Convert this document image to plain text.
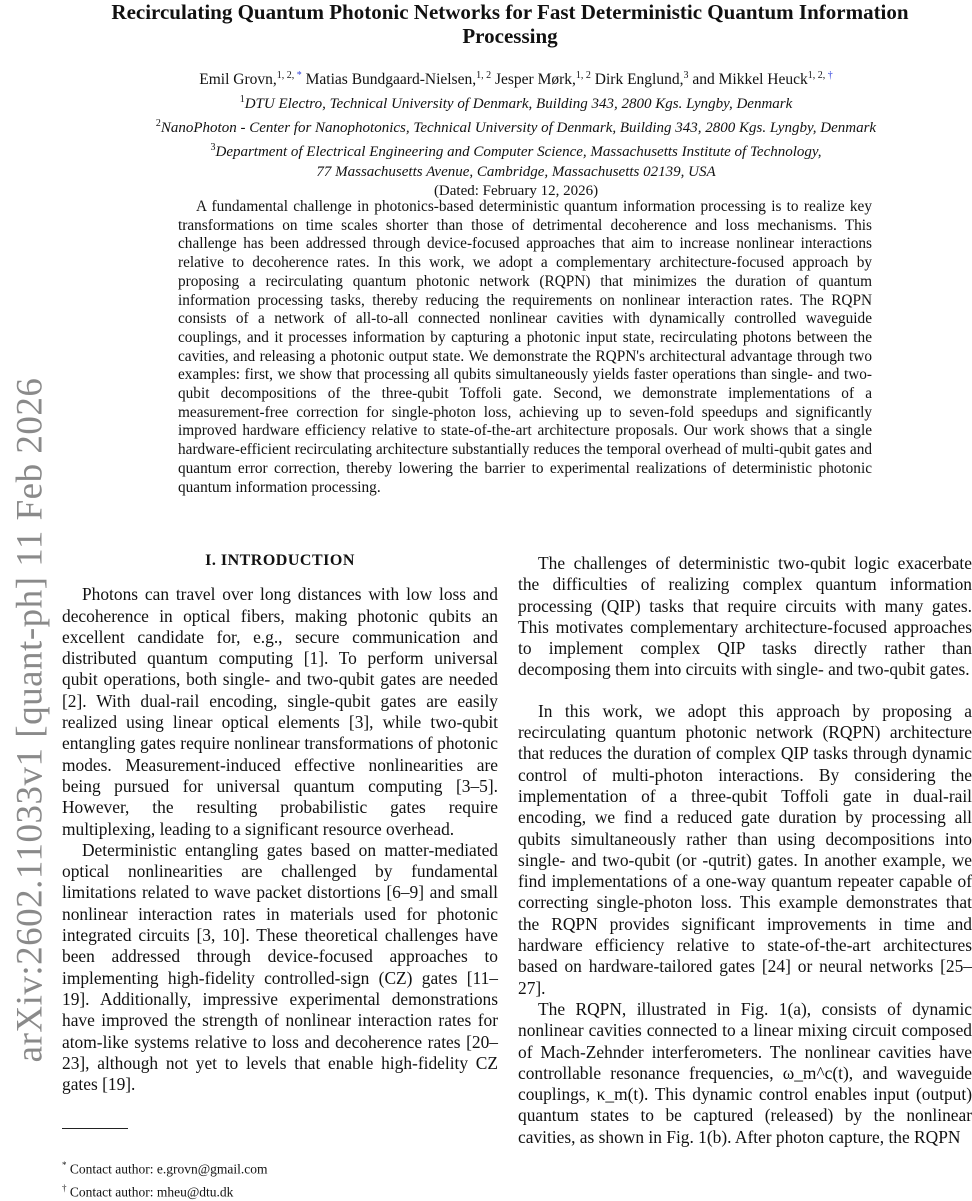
arXiv:2602.11033v1 [quant-ph] 11 Feb 2026
Recirculating Quantum Photonic Networks for Fast Deterministic Quantum Information Processing
Emil Grovn,$^{1, 2,}$ * Matias Bundgaard-Nielsen,$^{1, 2}$ Jesper Mørk,$^{1, 2}$ Dirk Englund,$^3$ and Mikkel Heuck$^{1, 2,}$ †
$^1$DTU Electro, Technical University of Denmark, Building 343, 2800 Kgs. Lyngby, Denmark
$^2$NanoPhoton - Center for Nanophotonics, Technical University of Denmark, Building 343, 2800 Kgs. Lyngby, Denmark
$^3$Department of Electrical Engineering and Computer Science, Massachusetts Institute of Technology,
77 Massachusetts Avenue, Cambridge, Massachusetts 02139, USA
(Dated: February 12, 2026)
A fundamental challenge in photonics-based deterministic quantum information processing is to realize key transformations on time scales shorter than those of detrimental decoherence and loss mechanisms. This challenge has been addressed through device-focused approaches that aim to increase nonlinear interactions relative to decoherence rates. In this work, we adopt a complementary architecture-focused approach by proposing a recirculating quantum photonic network (RQPN) that minimizes the duration of quantum information processing tasks, thereby reducing the requirements on nonlinear interaction rates. The RQPN consists of a network of all-to-all connected nonlinear cavities with dynamically controlled waveguide couplings, and it processes information by capturing a photonic input state, recirculating photons between the cavities, and releasing a photonic output state. We demonstrate the RQPN's architectural advantage through two examples: first, we show that processing all qubits simultaneously yields faster operations than single- and two-qubit decompositions of the three-qubit Toffoli gate. Second, we demonstrate implementations of a measurement-free correction for single-photon loss, achieving up to seven-fold speedups and significantly improved hardware efficiency relative to state-of-the-art architecture proposals. Our work shows that a single hardware-efficient recirculating architecture substantially reduces the temporal overhead of multi-qubit gates and quantum error correction, thereby lowering the barrier to experimental realizations of deterministic photonic quantum information processing.
I. INTRODUCTION

Photons can travel over long distances with low loss and decoherence in optical fibers, making photonic qubits an excellent candidate for, e.g., secure communication and distributed quantum computing [1]. To perform universal qubit operations, both single- and two-qubit gates are needed [2]. With dual-rail encoding, single-qubit gates are easily realized using linear optical elements [3], while two-qubit entangling gates require nonlinear transformations of photonic modes. Measurement-induced effective nonlinearities are being pursued for universal quantum computing [3–5]. However, the resulting probabilistic gates require multiplexing, leading to a significant resource overhead.

Deterministic entangling gates based on matter-mediated optical nonlinearities are challenged by fundamental limitations related to wave packet distortions [6–9] and small nonlinear interaction rates in materials used for photonic integrated circuits [3, 10]. These theoretical challenges have been addressed through device-focused approaches to implementing high-fidelity controlled-sign (CZ) gates [11–19]. Additionally, impressive experimental demonstrations have improved the strength of nonlinear interaction rates for atom-like systems relative to loss and decoherence rates [20–23], although not yet to levels that enable high-fidelity CZ gates [19].

The challenges of deterministic two-qubit logic exacerbate the difficulties of realizing complex quantum information processing (QIP) tasks that require circuits with many gates. This motivates complementary architecture-focused approaches to implement complex QIP tasks directly rather than decomposing them into circuits with single- and two-qubit gates.

In this work, we adopt this approach by proposing a recirculating quantum photonic network (RQPN) architecture that reduces the duration of complex QIP tasks through dynamic control of multi-photon interactions. By considering the implementation of a three-qubit Toffoli gate in dual-rail encoding, we find a reduced gate duration by processing all qubits simultaneously rather than using decompositions into single- and two-qubit (or -qutrit) gates. In another example, we find implementations of a one-way quantum repeater capable of correcting single-photon loss. This example demonstrates that the RQPN provides significant improvements in time and hardware efficiency relative to state-of-the-art architectures based on hardware-tailored gates [24] or neural networks [25–27].

The RQPN, illustrated in Fig. 1(a), consists of dynamic nonlinear cavities connected to a linear mixing circuit composed of Mach-Zehnder interferometers. The nonlinear cavities have controllable resonance frequencies, ω_m^c(t), and waveguide couplings, κ_m(t). This dynamic control enables input (output) quantum states to be captured (released) by the nonlinear cavities, as shown in Fig. 1(b). After photon capture, the RQPN

* Contact author: e.grovn@gmail.com
† Contact author: mheu@dtu.dk
